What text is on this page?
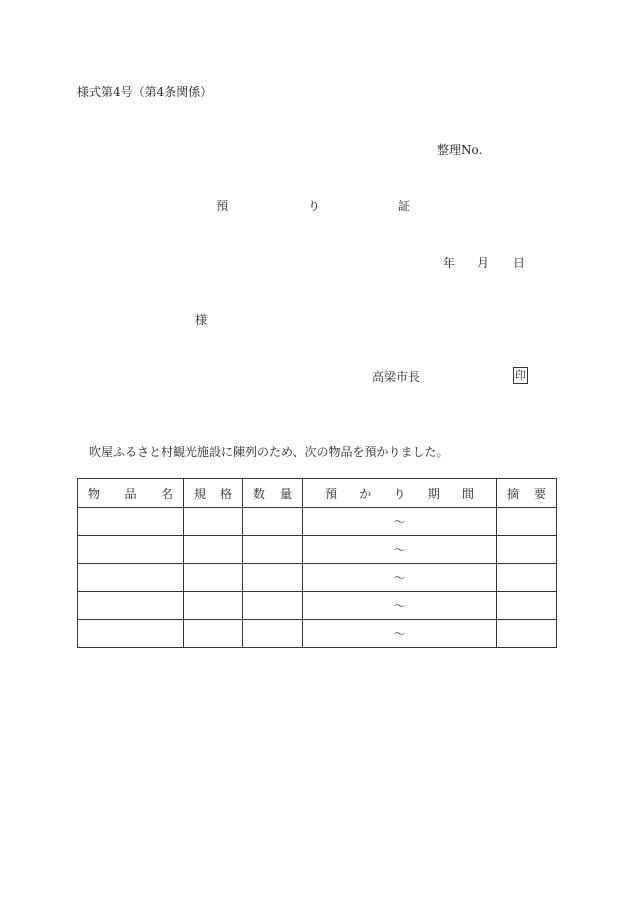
様式第4号（第4条関係）
整理No.
預	り	証
年 月 日
様
高梁市長	印
吹屋ふるさと村観光施設に陳列のため、次の物品を預かりました。
物 品 名	規 格	数 量	預 か り 期 間	摘 要

			～	
			～	
			～	
			～	
			～	
